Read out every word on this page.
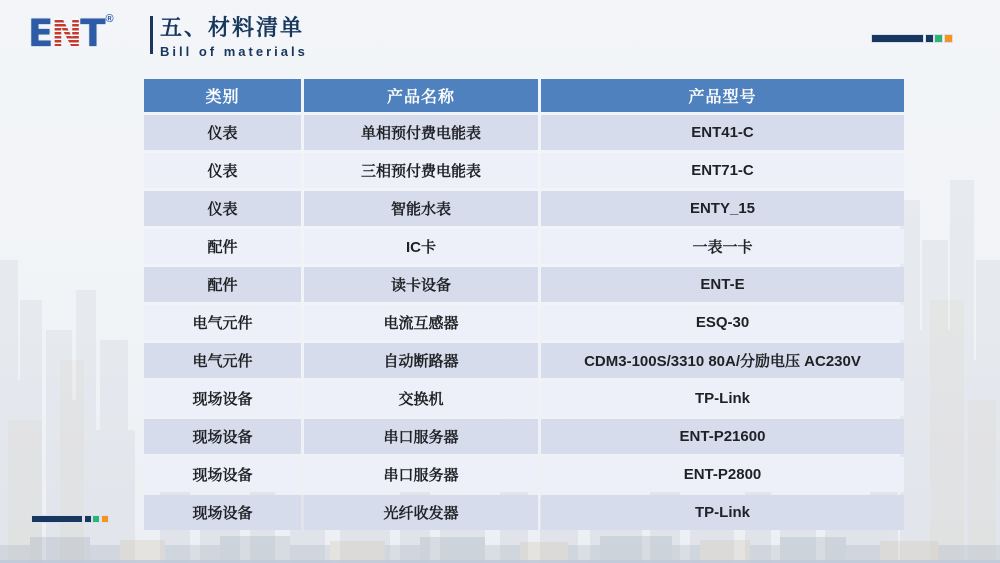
ENT ® 五、材料清单
Bill of materials
类别	产品名称	产品型号
仪表	单相预付费电能表	ENT41-C
仪表	三相预付费电能表	ENT71-C
仪表	智能水表	ENTY_15
配件	IC卡	一表一卡
配件	读卡设备	ENT-E
电气元件	电流互感器	ESQ-30
电气元件	自动断路器	CDM3-100S/3310 80A/分励电压 AC230V
现场设备	交换机	TP-Link
现场设备	串口服务器	ENT-P21600
现场设备	串口服务器	ENT-P2800
现场设备	光纤收发器	TP-Link
